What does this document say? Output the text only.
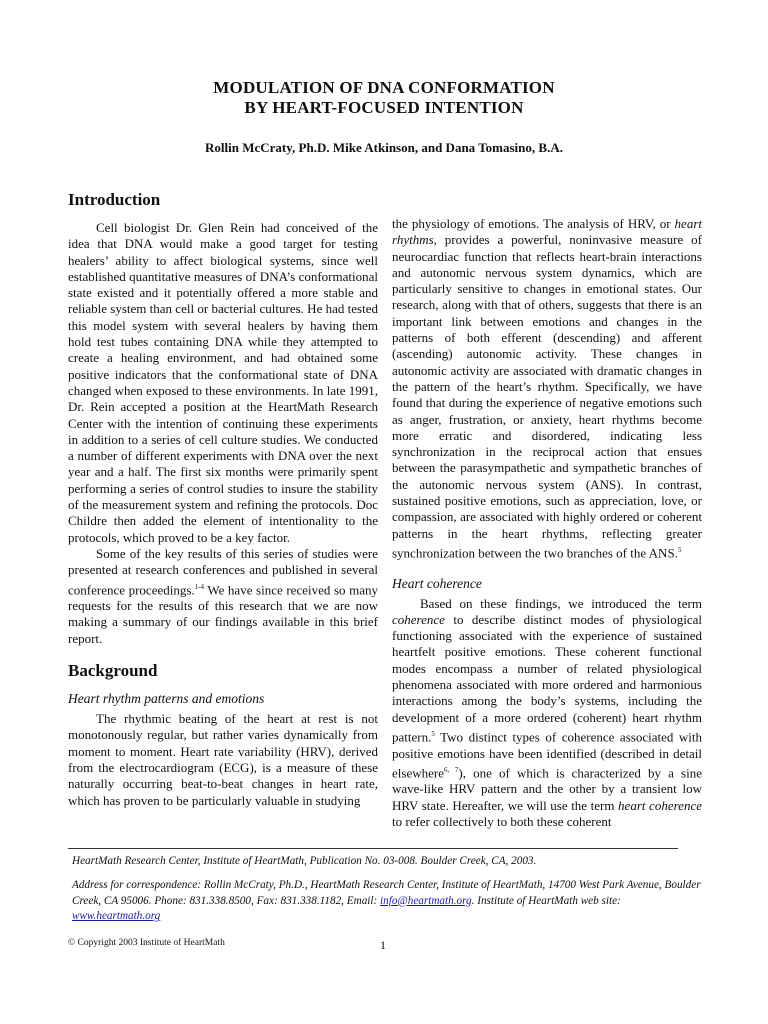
MODULATION OF DNA CONFORMATION
BY HEART-FOCUSED INTENTION
Rollin McCraty, Ph.D. Mike Atkinson, and Dana Tomasino, B.A.
Introduction

Cell biologist Dr. Glen Rein had conceived of the idea that DNA would make a good target for testing healers’ ability to affect biological systems, since well established quantitative measures of DNA’s conformational state existed and it potentially offered a more stable and reliable system than cell or bacterial cultures. He had tested this model system with several healers by having them hold test tubes containing DNA while they attempted to create a healing environment, and had obtained some positive indicators that the conformational state of DNA changed when exposed to these environments. In late 1991, Dr. Rein accepted a position at the HeartMath Research Center with the intention of continuing these experiments in addition to a series of cell culture studies. We conducted a number of different experiments with DNA over the next year and a half. The first six months were primarily spent performing a series of control studies to insure the stability of the measurement system and refining the protocols. Doc Childre then added the element of intentionality to the protocols, which proved to be a key factor.

Some of the key results of this series of studies were presented at research conferences and published in several conference proceedings.$^{1-4}$ We have since received so many requests for the results of this research that we are now making a summary of our findings available in this brief report.

Background
Heart rhythm patterns and emotions

The rhythmic beating of the heart at rest is not monotonously regular, but rather varies dynamically from moment to moment. Heart rate variability (HRV), derived from the electrocardiogram (ECG), is a measure of these naturally occurring beat-to-beat changes in heart rate, which has proven to be particularly valuable in studying

the physiology of emotions. The analysis of HRV, or heart rhythms, provides a powerful, noninvasive measure of neurocardiac function that reflects heart-brain interactions and autonomic nervous system dynamics, which are particularly sensitive to changes in emotional states. Our research, along with that of others, suggests that there is an important link between emotions and changes in the patterns of both efferent (descending) and afferent (ascending) autonomic activity. These changes in autonomic activity are associated with dramatic changes in the pattern of the heart’s rhythm. Specifically, we have found that during the experience of negative emotions such as anger, frustration, or anxiety, heart rhythms become more erratic and disordered, indicating less synchronization in the reciprocal action that ensues between the parasympathetic and sympathetic branches of the autonomic nervous system (ANS). In contrast, sustained positive emotions, such as appreciation, love, or compassion, are associated with highly ordered or coherent patterns in the heart rhythms, reflecting greater synchronization between the two branches of the ANS.$^5$

Heart coherence

Based on these findings, we introduced the term coherence to describe distinct modes of physiological functioning associated with the experience of sustained heartfelt positive emotions. These coherent functional modes encompass a number of related physiological phenomena associated with more ordered and harmonious interactions among the body’s systems, including the development of a more ordered (coherent) heart rhythm pattern.$^5$ Two distinct types of coherence associated with positive emotions have been identified (described in detail elsewhere$^{6, 7}$), one of which is characterized by a sine wave-like HRV pattern and the other by a transient low HRV state. Hereafter, we will use the term heart coherence to refer collectively to both these coherent

HeartMath Research Center, Institute of HeartMath, Publication No. 03-008. Boulder Creek, CA, 2003.
Address for correspondence: Rollin McCraty, Ph.D., HeartMath Research Center, Institute of HeartMath, 14700 West Park Avenue, Boulder Creek, CA 95006. Phone: 831.338.8500, Fax: 831.338.1182, Email: info@heartmath.org. Institute of HeartMath web site: www.heartmath.org
© Copyright 2003 Institute of HeartMath	1
